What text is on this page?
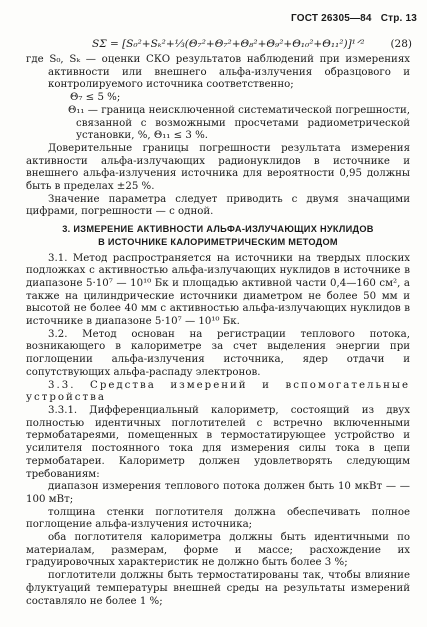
ГОСТ 26305—84 Стр. 13
SΣ = [S₀²+Sₖ²+⅓(Θ₇²+Θ₇²+Θ₈²+Θ₉²+Θ₁₀²+Θ₁₁²)]¹ᐟ² (28)

где S₀, Sₖ — оценки СКО результатов наблюдений при измерениях активности или внешнего альфа-излучения образцового и контролируемого источника соответственно;

Θ₇ ≤ 5 %;

Θ₁₁ — граница неисключенной систематической погрешности, связанной с возможными просчетами радиометрической установки, %, Θ₁₁ ≤ 3 %.

Доверительные границы погрешности результата измерения активности альфа-излучающих радионуклидов в источнике и внешнего альфа-излучения источника для вероятности 0,95 должны быть в пределах ±25 %.

Значение параметра следует приводить с двумя значащими цифрами, погрешности — с одной.

3. ИЗМЕРЕНИЕ АКТИВНОСТИ АЛЬФА-ИЗЛУЧАЮЩИХ НУКЛИДОВ
В ИСТОЧНИКЕ КАЛОРИМЕТРИЧЕСКИМ МЕТОДОМ

3.1. Метод распространяется на источники на твердых плоских подложках с активностью альфа-излучающих нуклидов в источнике в диапазоне 5·10⁷ — 10¹⁰ Бк и площадью активной части 0,4—160 см², а также на цилиндрические источники диаметром не более 50 мм и высотой не более 40 мм с активностью альфа-излучающих нуклидов в источнике в диапазоне 5·10⁷ — 10¹⁰ Бк.

3.2. Метод основан на регистрации теплового потока, возникающего в калориметре за счет выделения энергии при поглощении альфа-излучения источника, ядер отдачи и сопутствующих альфа-распаду электронов.

3.3. Средства измерений и вспомогательные устройства

3.3.1. Дифференциальный калориметр, состоящий из двух полностью идентичных поглотителей с встречно включенными термобатареями, помещенных в термостатирующее устройство и усилителя постоянного тока для измерения силы тока в цепи термобатареи. Калориметр должен удовлетворять следующим требованиям:

диапазон измерения теплового потока должен быть 10 мкВт — —100 мВт;

толщина стенки поглотителя должна обеспечивать полное поглощение альфа-излучения источника;

оба поглотителя калориметра должны быть идентичными по материалам, размерам, форме и массе; расхождение их градуировочных характеристик не должно быть более 3 %;

поглотители должны быть термостатированы так, чтобы влияние флуктуаций температуры внешней среды на результаты измерений составляло не более 1 %;
